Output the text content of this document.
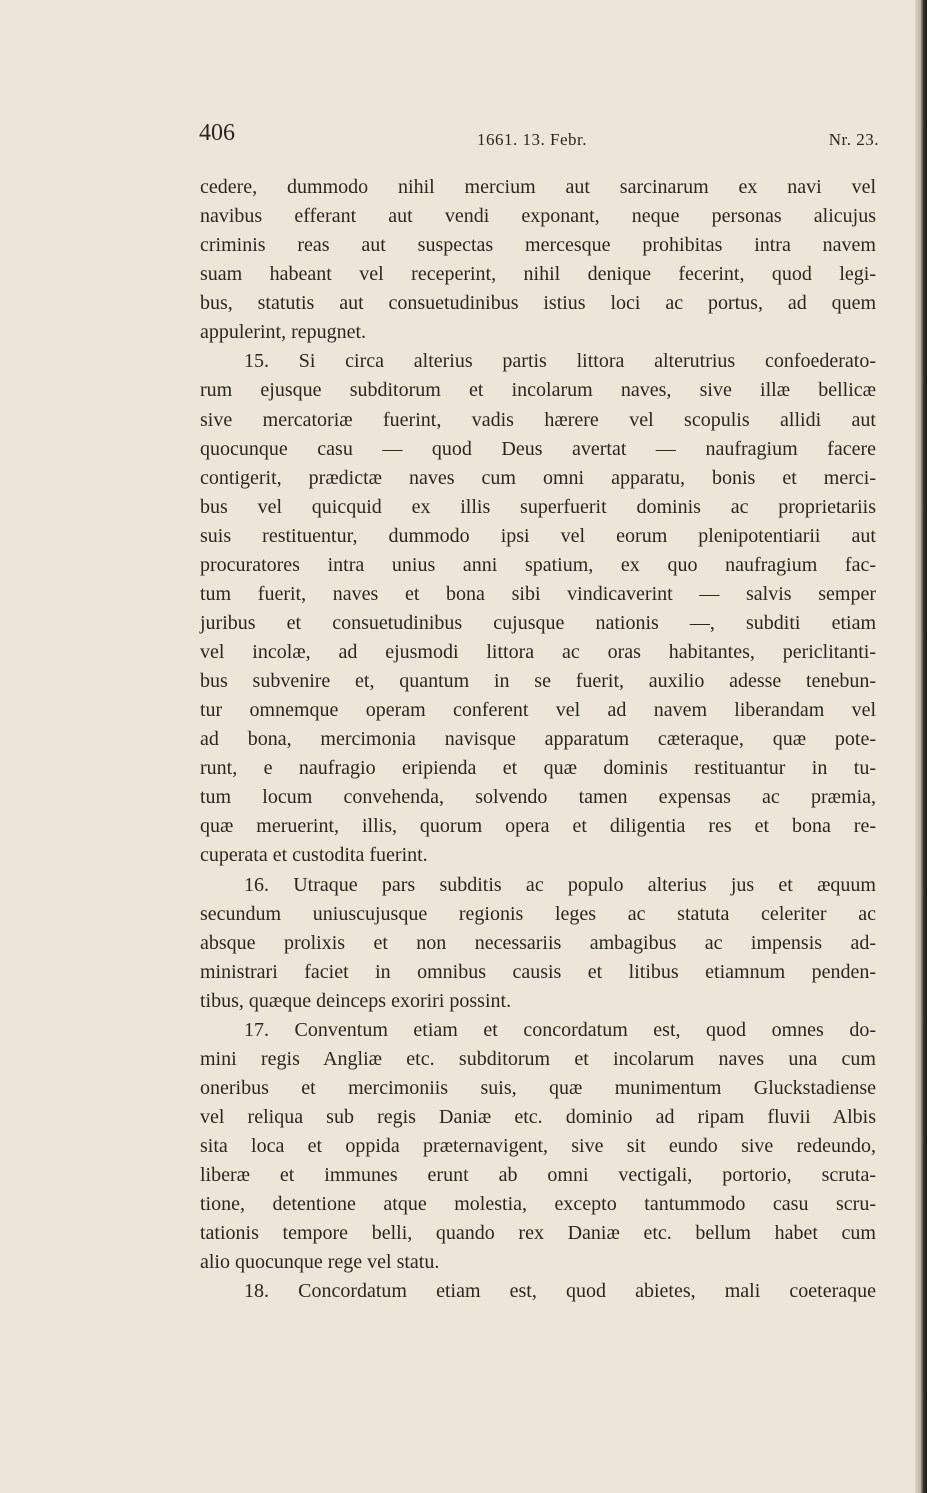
406	1661. 13. Febr.	Nr. 23.
cedere, dummodo nihil mercium aut sarcinarum ex navi vel
navibus efferant aut vendi exponant, neque personas alicujus
criminis reas aut suspectas mercesque prohibitas intra navem
suam habeant vel receperint, nihil denique fecerint, quod legi-
bus, statutis aut consuetudinibus istius loci ac portus, ad quem
appulerint, repugnet.
15. Si circa alterius partis littora alterutrius confoederato-
rum ejusque subditorum et incolarum naves, sive illæ bellicæ
sive mercatoriæ fuerint, vadis hærere vel scopulis allidi aut
quocunque casu — quod Deus avertat — naufragium facere
contigerit, prædictæ naves cum omni apparatu, bonis et merci-
bus vel quicquid ex illis superfuerit dominis ac proprietariis
suis restituentur, dummodo ipsi vel eorum plenipotentiarii aut
procuratores intra unius anni spatium, ex quo naufragium fac-
tum fuerit, naves et bona sibi vindicaverint — salvis semper
juribus et consuetudinibus cujusque nationis —, subditi etiam
vel incolæ, ad ejusmodi littora ac oras habitantes, periclitanti-
bus subvenire et, quantum in se fuerit, auxilio adesse tenebun-
tur omnemque operam conferent vel ad navem liberandam vel
ad bona, mercimonia navisque apparatum cæteraque, quæ pote-
runt, e naufragio eripienda et quæ dominis restituantur in tu-
tum locum convehenda, solvendo tamen expensas ac præmia,
quæ meruerint, illis, quorum opera et diligentia res et bona re-
cuperata et custodita fuerint.
16. Utraque pars subditis ac populo alterius jus et æquum
secundum uniuscujusque regionis leges ac statuta celeriter ac
absque prolixis et non necessariis ambagibus ac impensis ad-
ministrari faciet in omnibus causis et litibus etiamnum penden-
tibus, quæque deinceps exoriri possint.
17. Conventum etiam et concordatum est, quod omnes do-
mini regis Angliæ etc. subditorum et incolarum naves una cum
oneribus et mercimoniis suis, quæ munimentum Gluckstadiense
vel reliqua sub regis Daniæ etc. dominio ad ripam fluvii Albis
sita loca et oppida præternavigent, sive sit eundo sive redeundo,
liberæ et immunes erunt ab omni vectigali, portorio, scruta-
tione, detentione atque molestia, excepto tantummodo casu scru-
tationis tempore belli, quando rex Daniæ etc. bellum habet cum
alio quocunque rege vel statu.
18. Concordatum etiam est, quod abietes, mali coeteraque
